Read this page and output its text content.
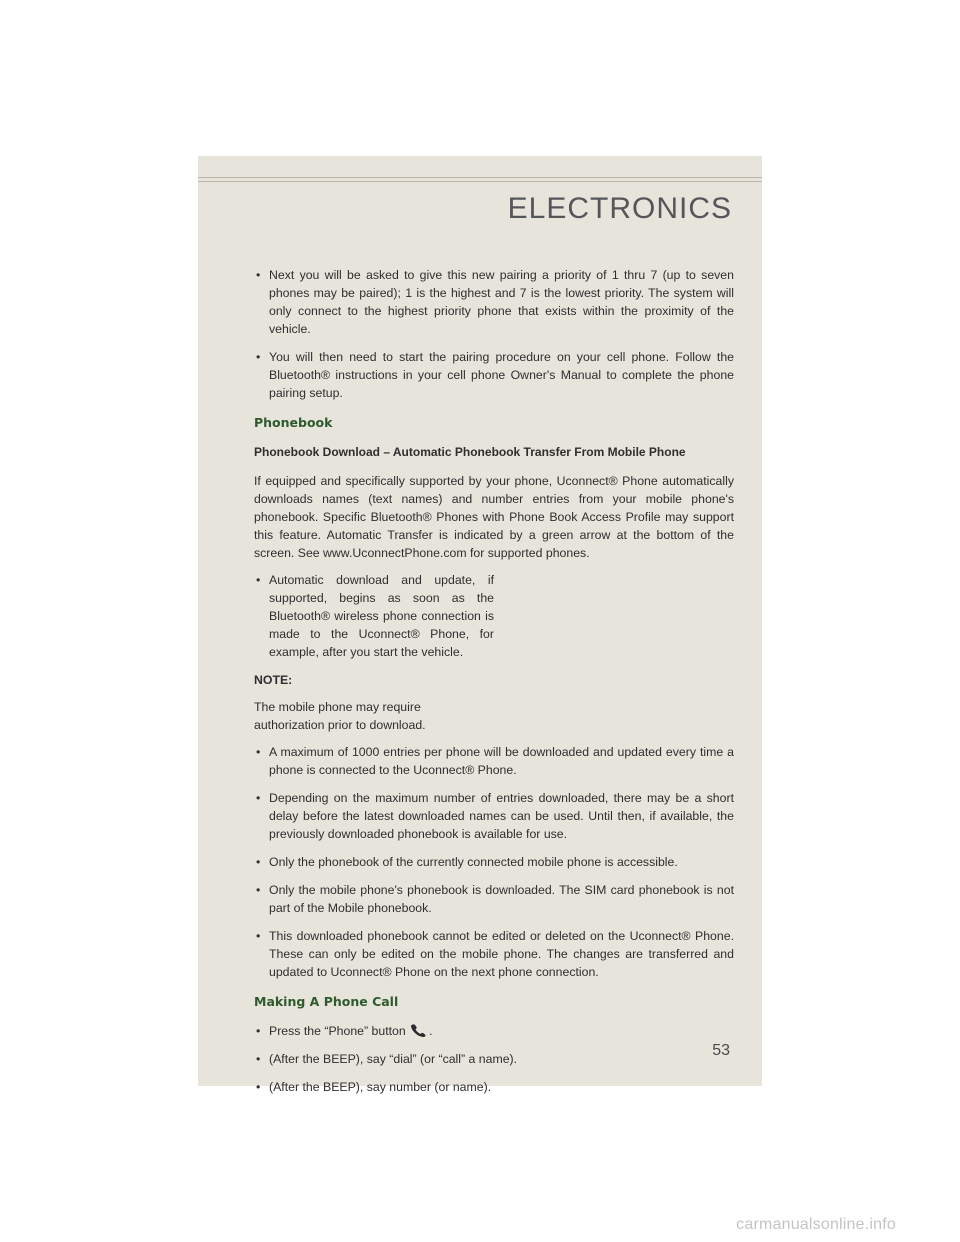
ELECTRONICS
• Next you will be asked to give this new pairing a priority of 1 thru 7 (up to seven phones may be paired); 1 is the highest and 7 is the lowest priority. The system will only connect to the highest priority phone that exists within the proximity of the vehicle.
• You will then need to start the pairing procedure on your cell phone. Follow the Bluetooth® instructions in your cell phone Owner's Manual to complete the phone pairing setup.
Phonebook
Phonebook Download – Automatic Phonebook Transfer From Mobile Phone

If equipped and specifically supported by your phone, Uconnect® Phone automatically downloads names (text names) and number entries from your mobile phone's phonebook. Specific Bluetooth® Phones with Phone Book Access Profile may support this feature. Automatic Transfer is indicated by a green arrow at the bottom of the screen. See www.UconnectPhone.com for supported phones.

• Automatic download and update, if supported, begins as soon as the Bluetooth® wireless phone connection is made to the Uconnect® Phone, for example, after you start the vehicle.
NOTE:

The mobile phone may require authorization prior to download.

• A maximum of 1000 entries per phone will be downloaded and updated every time a phone is connected to the Uconnect® Phone.
• Depending on the maximum number of entries downloaded, there may be a short delay before the latest downloaded names can be used. Until then, if available, the previously downloaded phonebook is available for use.
• Only the phonebook of the currently connected mobile phone is accessible.
• Only the mobile phone's phonebook is downloaded. The SIM card phonebook is not part of the Mobile phonebook.
• This downloaded phonebook cannot be edited or deleted on the Uconnect® Phone. These can only be edited on the mobile phone. The changes are transferred and updated to Uconnect® Phone on the next phone connection.
Making A Phone Call
• Press the “Phone” button .
• (After the BEEP), say “dial” (or “call” a name).
• (After the BEEP), say number (or name).
53
carmanualsonline.info
